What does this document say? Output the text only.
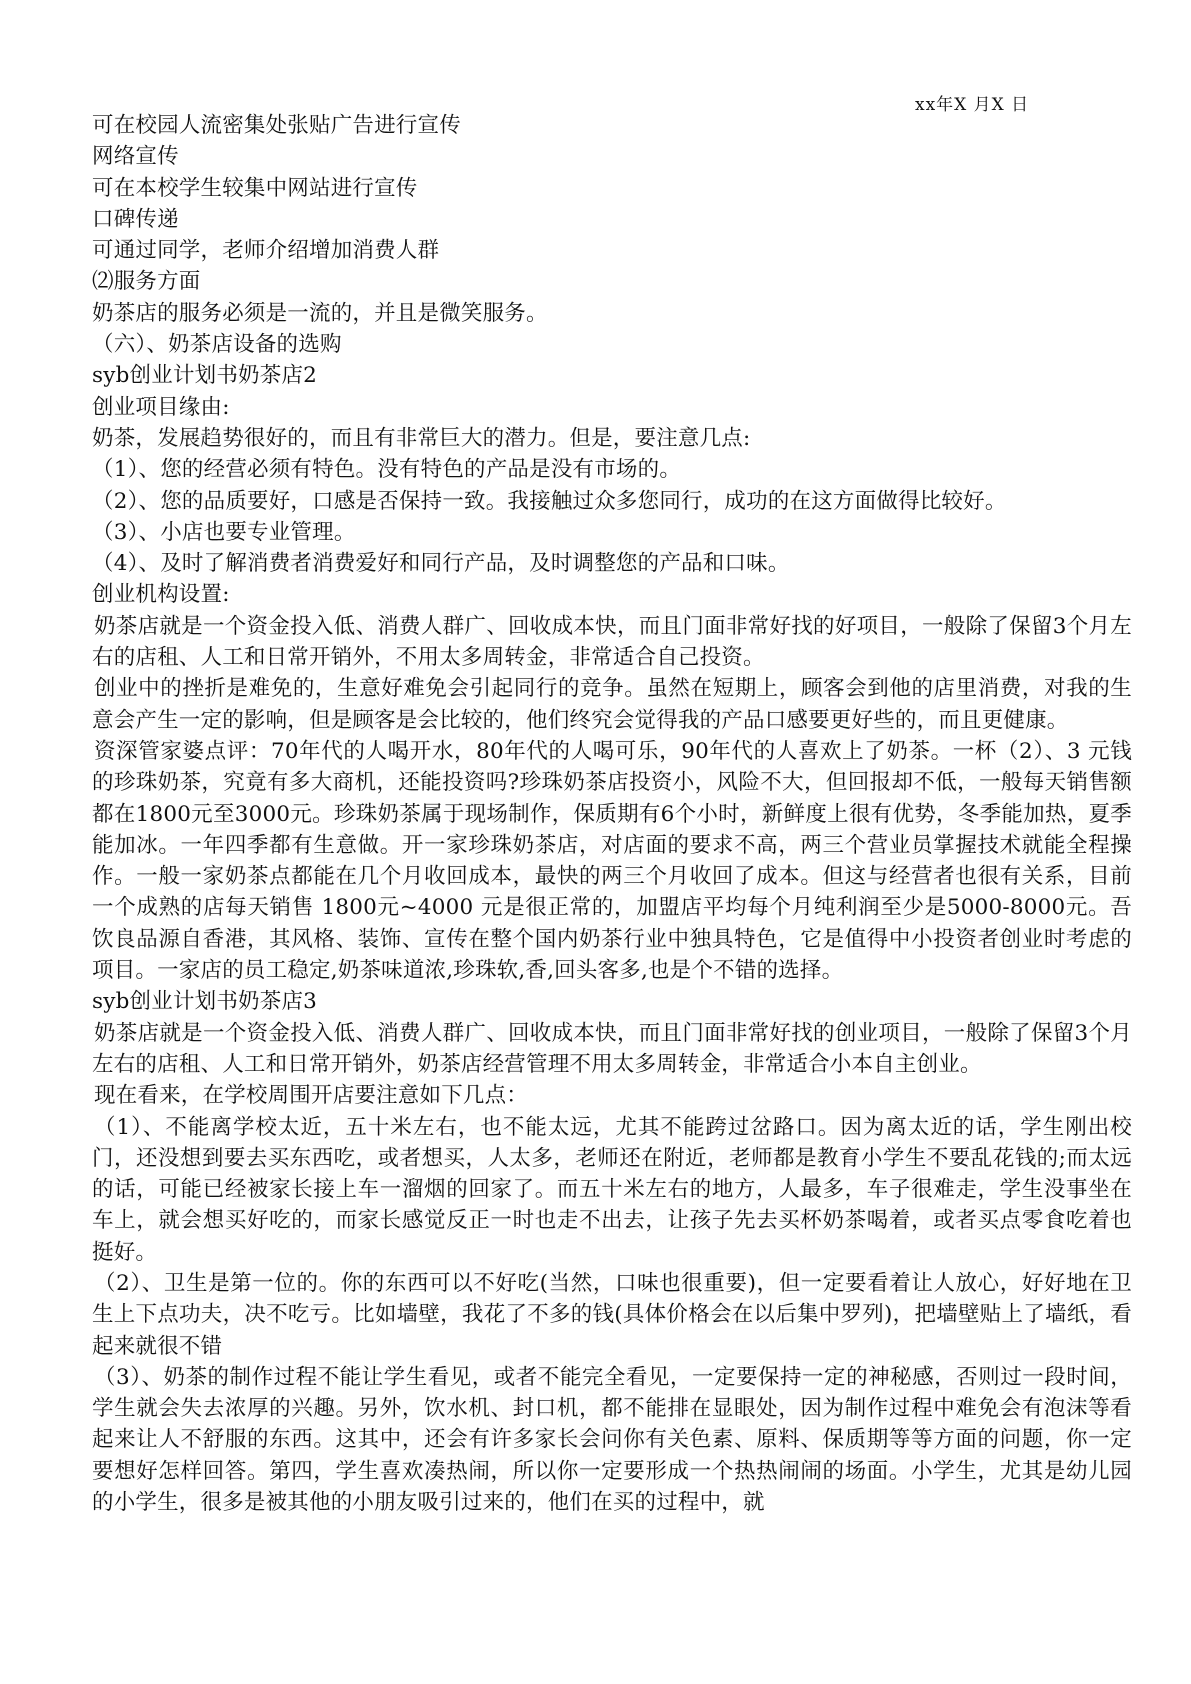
xx年X 月X 日
可在校园人流密集处张贴广告进行宣传
网络宣传
可在本校学生较集中网站进行宣传
口碑传递
可通过同学，老师介绍增加消费人群
⑵服务方面
奶茶店的服务必须是一流的，并且是微笑服务。
（六）、奶茶店设备的选购
syb创业计划书奶茶店2
创业项目缘由:
奶茶，发展趋势很好的，而且有非常巨大的潜力。但是，要注意几点:
（1）、您的经营必须有特色。没有特色的产品是没有市场的。
（2）、您的品质要好，口感是否保持一致。我接触过众多您同行，成功的在这方面做得比较好。
（3）、小店也要专业管理。
（4）、及时了解消费者消费爱好和同行产品，及时调整您的产品和口味。
创业机构设置:
奶茶店就是一个资金投入低、消费人群广、回收成本快，而且门面非常好找的好项目，一般除了保留3个月左右的店租、人工和日常开销外，不用太多周转金，非常适合自己投资。
创业中的挫折是难免的，生意好难免会引起同行的竞争。虽然在短期上，顾客会到他的店里消费，对我的生意会产生一定的影响，但是顾客是会比较的，他们终究会觉得我的产品口感要更好些的，而且更健康。
资深管家婆点评：70年代的人喝开水，80年代的人喝可乐，90年代的人喜欢上了奶茶。一杯（2）、3 元钱的珍珠奶茶，究竟有多大商机，还能投资吗?珍珠奶茶店投资小，风险不大，但回报却不低，一般每天销售额都在1800元至3000元。珍珠奶茶属于现场制作，保质期有6个小时，新鲜度上很有优势，冬季能加热，夏季能加冰。一年四季都有生意做。开一家珍珠奶茶店，对店面的要求不高，两三个营业员掌握技术就能全程操作。一般一家奶茶点都能在几个月收回成本，最快的两三个月收回了成本。但这与经营者也很有关系，目前一个成熟的店每天销售 1800元~4000 元是很正常的，加盟店平均每个月纯利润至少是5000-8000元。吾饮良品源自香港，其风格、装饰、宣传在整个国内奶茶行业中独具特色，它是值得中小投资者创业时考虑的项目。一家店的员工稳定,奶茶味道浓,珍珠软,香,回头客多,也是个不错的选择。
syb创业计划书奶茶店3
奶茶店就是一个资金投入低、消费人群广、回收成本快，而且门面非常好找的创业项目，一般除了保留3个月左右的店租、人工和日常开销外，奶茶店经营管理不用太多周转金，非常适合小本自主创业。
现在看来，在学校周围开店要注意如下几点：
（1）、不能离学校太近，五十米左右，也不能太远，尤其不能跨过岔路口。因为离太近的话，学生刚出校门，还没想到要去买东西吃，或者想买，人太多，老师还在附近，老师都是教育小学生不要乱花钱的;而太远的话，可能已经被家长接上车一溜烟的回家了。而五十米左右的地方，人最多，车子很难走，学生没事坐在车上，就会想买好吃的，而家长感觉反正一时也走不出去，让孩子先去买杯奶茶喝着，或者买点零食吃着也挺好。
（2）、卫生是第一位的。你的东西可以不好吃(当然，口味也很重要)，但一定要看着让人放心，好好地在卫生上下点功夫，决不吃亏。比如墙壁，我花了不多的钱(具体价格会在以后集中罗列)，把墙壁贴上了墙纸，看起来就很不错
（3）、奶茶的制作过程不能让学生看见，或者不能完全看见，一定要保持一定的神秘感，否则过一段时间，学生就会失去浓厚的兴趣。另外，饮水机、封口机，都不能排在显眼处，因为制作过程中难免会有泡沫等看起来让人不舒服的东西。这其中，还会有许多家长会问你有关色素、原料、保质期等等方面的问题，你一定要想好怎样回答。第四，学生喜欢凑热闹，所以你一定要形成一个热热闹闹的场面。小学生，尤其是幼儿园的小学生，很多是被其他的小朋友吸引过来的，他们在买的过程中，就
